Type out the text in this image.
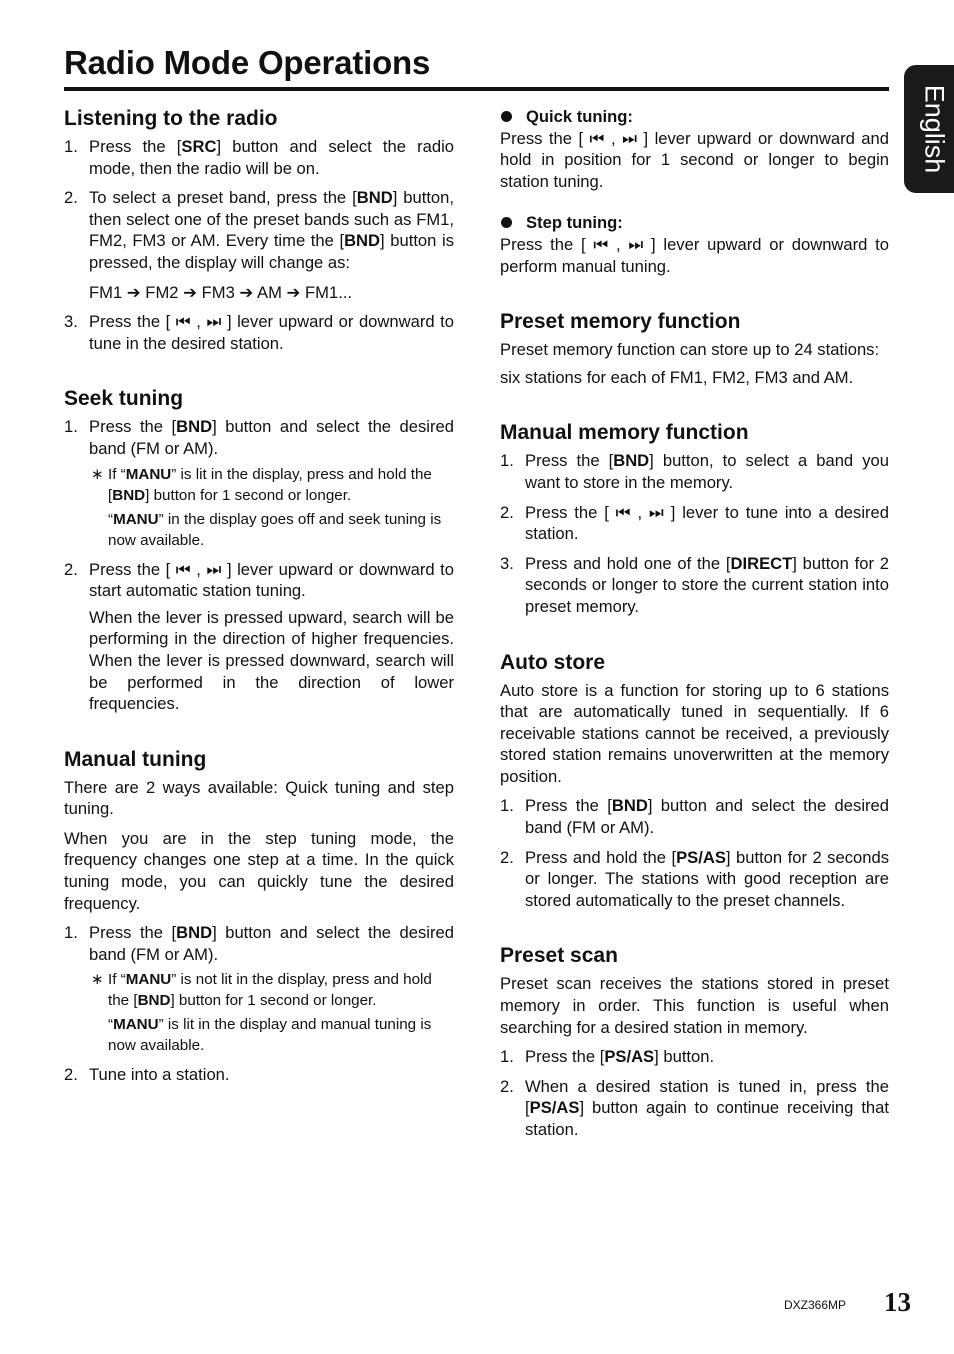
Radio Mode Operations
English
Listening to the radio
1. Press the [SRC] button and select the radio mode, then the radio will be on.
2. To select a preset band, press the [BND] button, then select one of the preset bands such as FM1, FM2, FM3 or AM. Every time the [BND] button is pressed, the display will change as:
FM1 ➔ FM2 ➔ FM3 ➔ AM ➔ FM1...
3. Press the [ ⏮ , ⏭ ] lever upward or downward to tune in the desired station.
Seek tuning
1. Press the [BND] button and select the desired band (FM or AM).
∗ If “MANU” is lit in the display, press and hold the [BND] button for 1 second or longer.
“MANU” in the display goes off and seek tuning is now available.
2. Press the [ ⏮ , ⏭ ] lever upward or downward to start automatic station tuning.

When the lever is pressed upward, search will be performing in the direction of higher frequencies. When the lever is pressed downward, search will be performed in the direction of lower frequencies.

Manual tuning

There are 2 ways available: Quick tuning and step tuning.

When you are in the step tuning mode, the frequency changes one step at a time. In the quick tuning mode, you can quickly tune the desired frequency.

1. Press the [BND] button and select the desired band (FM or AM).
∗ If “MANU” is not lit in the display, press and hold the [BND] button for 1 second or longer.
“MANU” is lit in the display and manual tuning is now available.
2. Tune into a station.
Quick tuning:

Press the [ ⏮ , ⏭ ] lever upward or downward and hold in position for 1 second or longer to begin station tuning.

Step tuning:

Press the [ ⏮ , ⏭ ] lever upward or downward to perform manual tuning.

Preset memory function

Preset memory function can store up to 24 stations:

six stations for each of FM1, FM2, FM3 and AM.

Manual memory function
1. Press the [BND] button, to select a band you want to store in the memory.
2. Press the [ ⏮ , ⏭ ] lever to tune into a desired station.
3. Press and hold one of the [DIRECT] button for 2 seconds or longer to store the current station into preset memory.
Auto store

Auto store is a function for storing up to 6 stations that are automatically tuned in sequentially. If 6 receivable stations cannot be received, a previously stored station remains unoverwritten at the memory position.

1. Press the [BND] button and select the desired band (FM or AM).
2. Press and hold the [PS/AS] button for 2 seconds or longer. The stations with good reception are stored automatically to the preset channels.
Preset scan

Preset scan receives the stations stored in preset memory in order. This function is useful when searching for a desired station in memory.

1. Press the [PS/AS] button.
2. When a desired station is tuned in, press the [PS/AS] button again to continue receiving that station.
DXZ366MP 13
